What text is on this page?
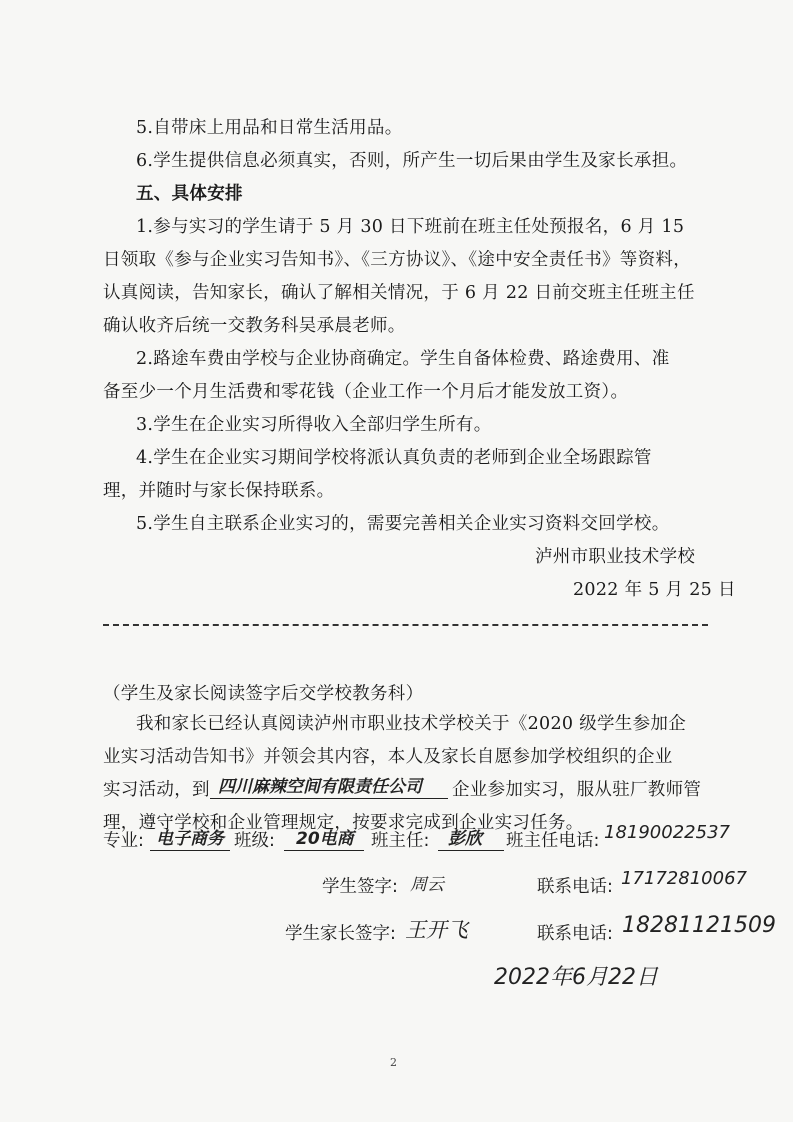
5.自带床上用品和日常生活用品。
6.学生提供信息必须真实，否则，所产生一切后果由学生及家长承担。
五、具体安排
1.参与实习的学生请于 5 月 30 日下班前在班主任处预报名，6 月 15
日领取《参与企业实习告知书》、《三方协议》、《途中安全责任书》等资料，
认真阅读，告知家长，确认了解相关情况，于 6 月 22 日前交班主任班主任
确认收齐后统一交教务科吴承晨老师。
2.路途车费由学校与企业协商确定。学生自备体检费、路途费用、准
备至少一个月生活费和零花钱（企业工作一个月后才能发放工资）。
3.学生在企业实习所得收入全部归学生所有。
4.学生在企业实习期间学校将派认真负责的老师到企业全场跟踪管
理，并随时与家长保持联系。
5.学生自主联系企业实习的，需要完善相关企业实习资料交回学校。
泸州市职业技术学校
2022 年 5 月 25 日
（学生及家长阅读签字后交学校教务科）
我和家长已经认真阅读泸州市职业技术学校关于《2020 级学生参加企
业实习活动告知书》并领会其内容，本人及家长自愿参加学校组织的企业
实习活动，到 四川麻辣空间有限责任公司 企业参加实习，服从驻厂教师管
理，遵守学校和企业管理规定，按要求完成到企业实习任务。
专业: 电子商务 班级: 20电商 班主任: 彭欣 班主任电话: 18190022537
学生签字: 周云	联系电话: 17172810067
学生家长签字: 王开飞	联系电话: 18281121509
2022年6月22日
2
